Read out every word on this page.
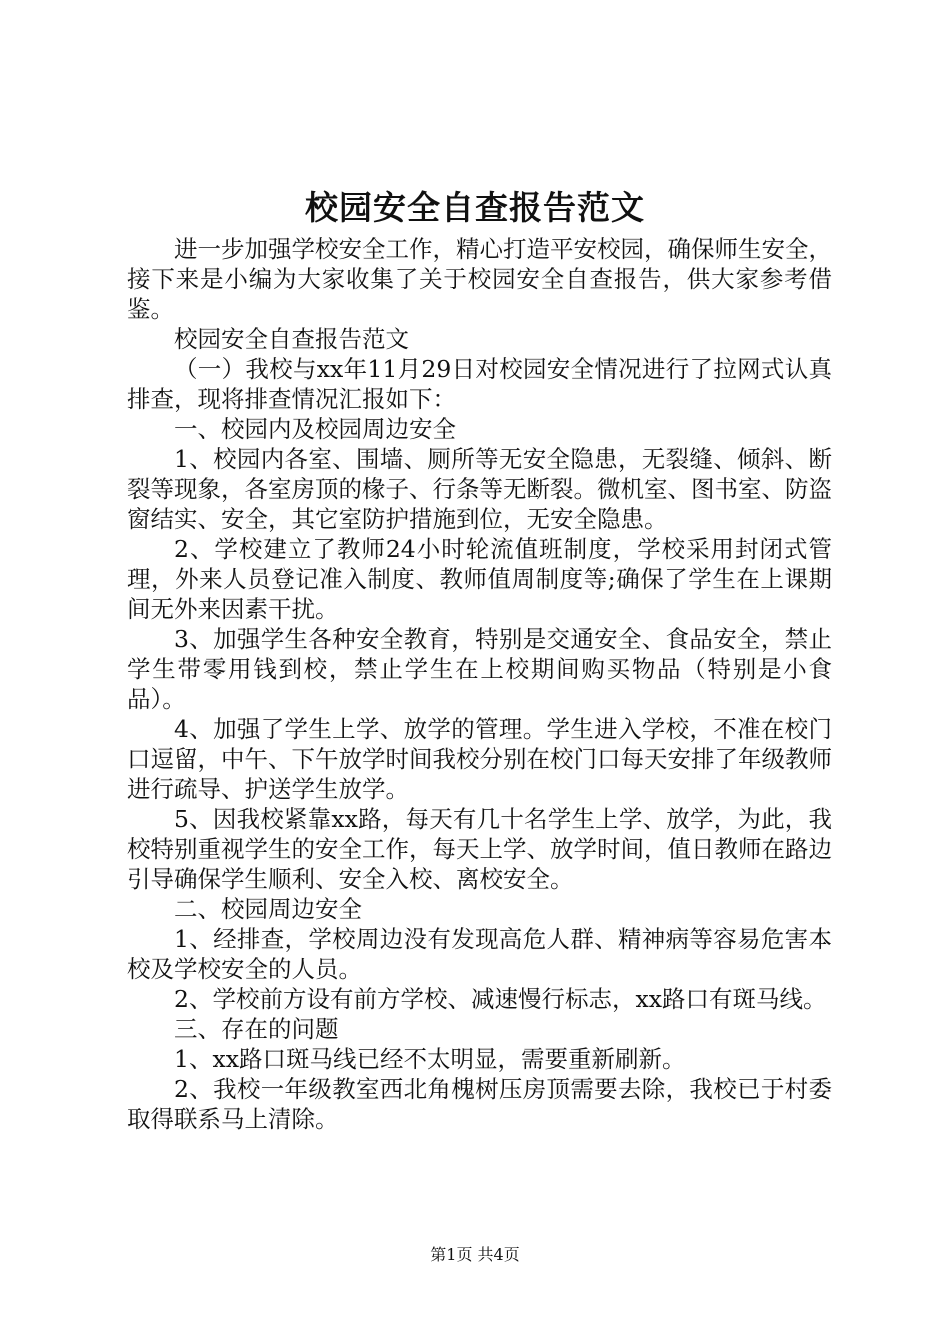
校园安全自查报告范文

进一步加强学校安全工作，精心打造平安校园，确保师生安全，接下来是小编为大家收集了关于校园安全自查报告，供大家参考借鉴。

校园安全自查报告范文

（一）我校与xx年11月29日对校园安全情况进行了拉网式认真排查，现将排查情况汇报如下：

一、校园内及校园周边安全

1、校园内各室、围墙、厕所等无安全隐患，无裂缝、倾斜、断裂等现象，各室房顶的椽子、行条等无断裂。微机室、图书室、防盗窗结实、安全，其它室防护措施到位，无安全隐患。

2、学校建立了教师24小时轮流值班制度，学校采用封闭式管理，外来人员登记准入制度、教师值周制度等;确保了学生在上课期间无外来因素干扰。

3、加强学生各种安全教育，特别是交通安全、食品安全，禁止学生带零用钱到校，禁止学生在上校期间购买物品（特别是小食品）。

4、加强了学生上学、放学的管理。学生进入学校，不准在校门口逗留，中午、下午放学时间我校分别在校门口每天安排了年级教师进行疏导、护送学生放学。

5、因我校紧靠xx路，每天有几十名学生上学、放学，为此，我校特别重视学生的安全工作，每天上学、放学时间，值日教师在路边引导确保学生顺利、安全入校、离校安全。

二、校园周边安全

1、经排查，学校周边没有发现高危人群、精神病等容易危害本校及学校安全的人员。

2、学校前方设有前方学校、减速慢行标志，xx路口有斑马线。

三、存在的问题

1、xx路口斑马线已经不太明显，需要重新刷新。

2、我校一年级教室西北角槐树压房顶需要去除，我校已于村委取得联系马上清除。

第1页 共4页
